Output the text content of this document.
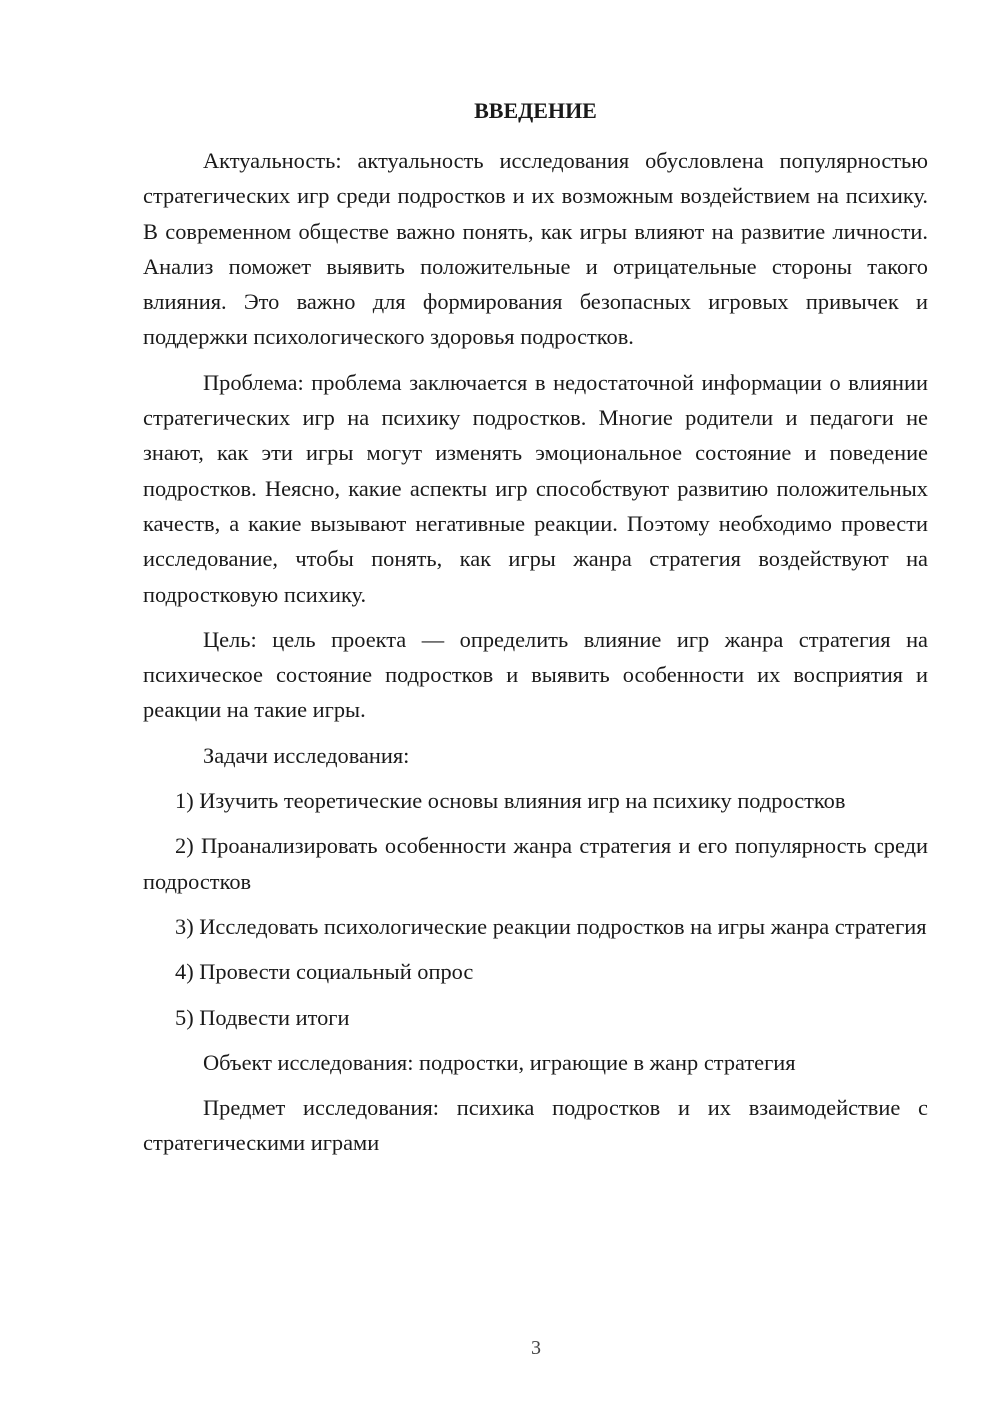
ВВЕДЕНИЕ

Актуальность: актуальность исследования обусловлена популярностью стратегических игр среди подростков и их возможным воздействием на психику. В современном обществе важно понять, как игры влияют на развитие личности. Анализ поможет выявить положительные и отрицательные стороны такого влияния. Это важно для формирования безопасных игровых привычек и поддержки психологического здоровья подростков.

Проблема: проблема заключается в недостаточной информации о влиянии стратегических игр на психику подростков. Многие родители и педагоги не знают, как эти игры могут изменять эмоциональное состояние и поведение подростков. Неясно, какие аспекты игр способствуют развитию положительных качеств, а какие вызывают негативные реакции. Поэтому необходимо провести исследование, чтобы понять, как игры жанра стратегия воздействуют на подростковую психику.

Цель: цель проекта — определить влияние игр жанра стратегия на психическое состояние подростков и выявить особенности их восприятия и реакции на такие игры.

Задачи исследования:

1) Изучить теоретические основы влияния игр на психику подростков

2) Проанализировать особенности жанра стратегия и его популярность среди подростков

3) Исследовать психологические реакции подростков на игры жанра стратегия

4) Провести социальный опрос

5) Подвести итоги

Объект исследования: подростки, играющие в жанр стратегия

Предмет исследования: психика подростков и их взаимодействие с стратегическими играми

3
